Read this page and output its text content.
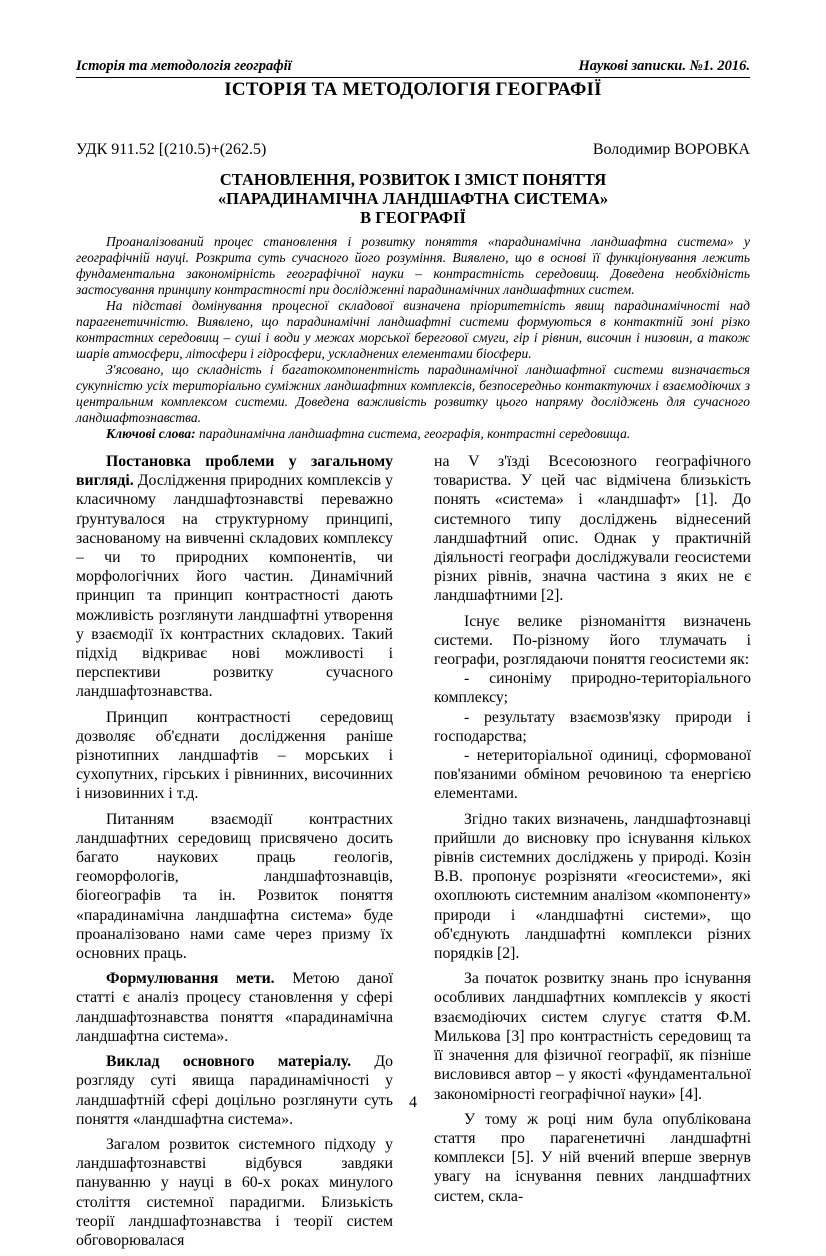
Історія та методологія географії	Наукові записки. №1. 2016.
ІСТОРІЯ ТА МЕТОДОЛОГІЯ ГЕОГРАФІЇ
УДК 911.52 [(210.5)+(262.5)	Володимир ВОРОВКА
СТАНОВЛЕННЯ, РОЗВИТОК І ЗМІСТ ПОНЯТТЯ
«ПАРАДИНАМІЧНА ЛАНДШАФТНА СИСТЕМА»
В ГЕОГРАФІЇ

Проаналізований процес становлення і розвитку поняття «парадинамічна ландшафтна система» у географічній науці. Розкрита суть сучасного його розуміння. Виявлено, що в основі її функціонування лежить фундаментальна закономірність географічної науки – контрастність середовищ. Доведена необхідність застосування принципу контрастності при дослідженні парадинамічних ландшафтних систем.

На підставі домінування процесної складової визначена пріоритетність явищ парадинамічності над парагенетичністю. Виявлено, що парадинамічні ландшафтні системи формуються в контактній зоні різко контрастних середовищ – суші і води у межах морської берегової смуги, гір і рівнин, височин і низовин, а також шарів атмосфери, літосфери і гідросфери, ускладнених елементами біосфери.

З'ясовано, що складність і багатокомпонентність парадинамічної ландшафтної системи визначається сукупністю усіх територіально суміжних ландшафтних комплексів, безпосередньо контактуючих і взаємодіючих з центральним комплексом системи. Доведена важливість розвитку цього напряму досліджень для сучасного ландшафтознавства.

Ключові слова: парадинамічна ландшафтна система, географія, контрастні середовища.

Постановка проблеми у загальному вигляді. Дослідження природних комплексів у класичному ландшафтознавстві переважно ґрунтувалося на структурному принципі, заснованому на вивченні складових комплексу – чи то природних компонентів, чи морфологічних його частин. Динамічний принцип та принцип контрастності дають можливість розглянути ландшафтні утворення у взаємодії їх контрастних складових. Такий підхід відкриває нові можливості і перспективи розвитку сучасного ландшафтознавства.

Принцип контрастності середовищ дозволяє об'єднати дослідження раніше різнотипних ландшафтів – морських і сухопутних, гірських і рівнинних, височинних і низовинних і т.д.

Питанням взаємодії контрастних ландшафтних середовищ присвячено досить багато наукових праць геологів, геоморфологів, ландшафтознавців, біогеографів та ін. Розвиток поняття «парадинамічна ландшафтна система» буде проаналізовано нами саме через призму їх основних праць.

Формулювання мети. Метою даної статті є аналіз процесу становлення у сфері ландшафтознавства поняття «парадинамічна ландшафтна система».

Виклад основного матеріалу. До розгляду суті явища парадинамічності у ландшафтній сфері доцільно розглянути суть поняття «ландшафтна система».

Загалом розвиток системного підходу у ландшафтознавстві відбувся завдяки пануванню у науці в 60-х роках минулого століття системної парадигми. Близькість теорії ландшафтознавства і теорії систем обговорювалася

на V з'їзді Всесоюзного географічного товариства. У цей час відмічена близькість понять «система» і «ландшафт» [1]. До системного типу досліджень віднесений ландшафтний опис. Однак у практичній діяльності географи досліджували геосистеми різних рівнів, значна частина з яких не є ландшафтними [2].

Існує велике різноманіття визначень системи. По-різному його тлумачать і географи, розглядаючи поняття геосистеми як:

- синоніму природно-територіального комплексу;

- результату взаємозв'язку природи і господарства;

- нетериторіальної одиниці, сформованої пов'язаними обміном речовиною та енергією елементами.

Згідно таких визначень, ландшафтознавці прийшли до висновку про існування кількох рівнів системних досліджень у природі. Козін В.В. пропонує розрізняти «геосистеми», які охоплюють системним аналізом «компоненту» природи і «ландшафтні системи», що об'єднують ландшафтні комплекси різних порядків [2].

За початок розвитку знань про існування особливих ландшафтних комплексів у якості взаємодіючих систем слугує стаття Ф.М. Милькова [3] про контрастність середовищ та її значення для фізичної географії, як пізніше висловився автор – у якості «фундаментальної закономірності географічної науки» [4].

У тому ж році ним була опублікована стаття про парагенетичні ландшафтні комплекси [5]. У ній вчений вперше звернув увагу на існування певних ландшафтних систем, скла-

4
